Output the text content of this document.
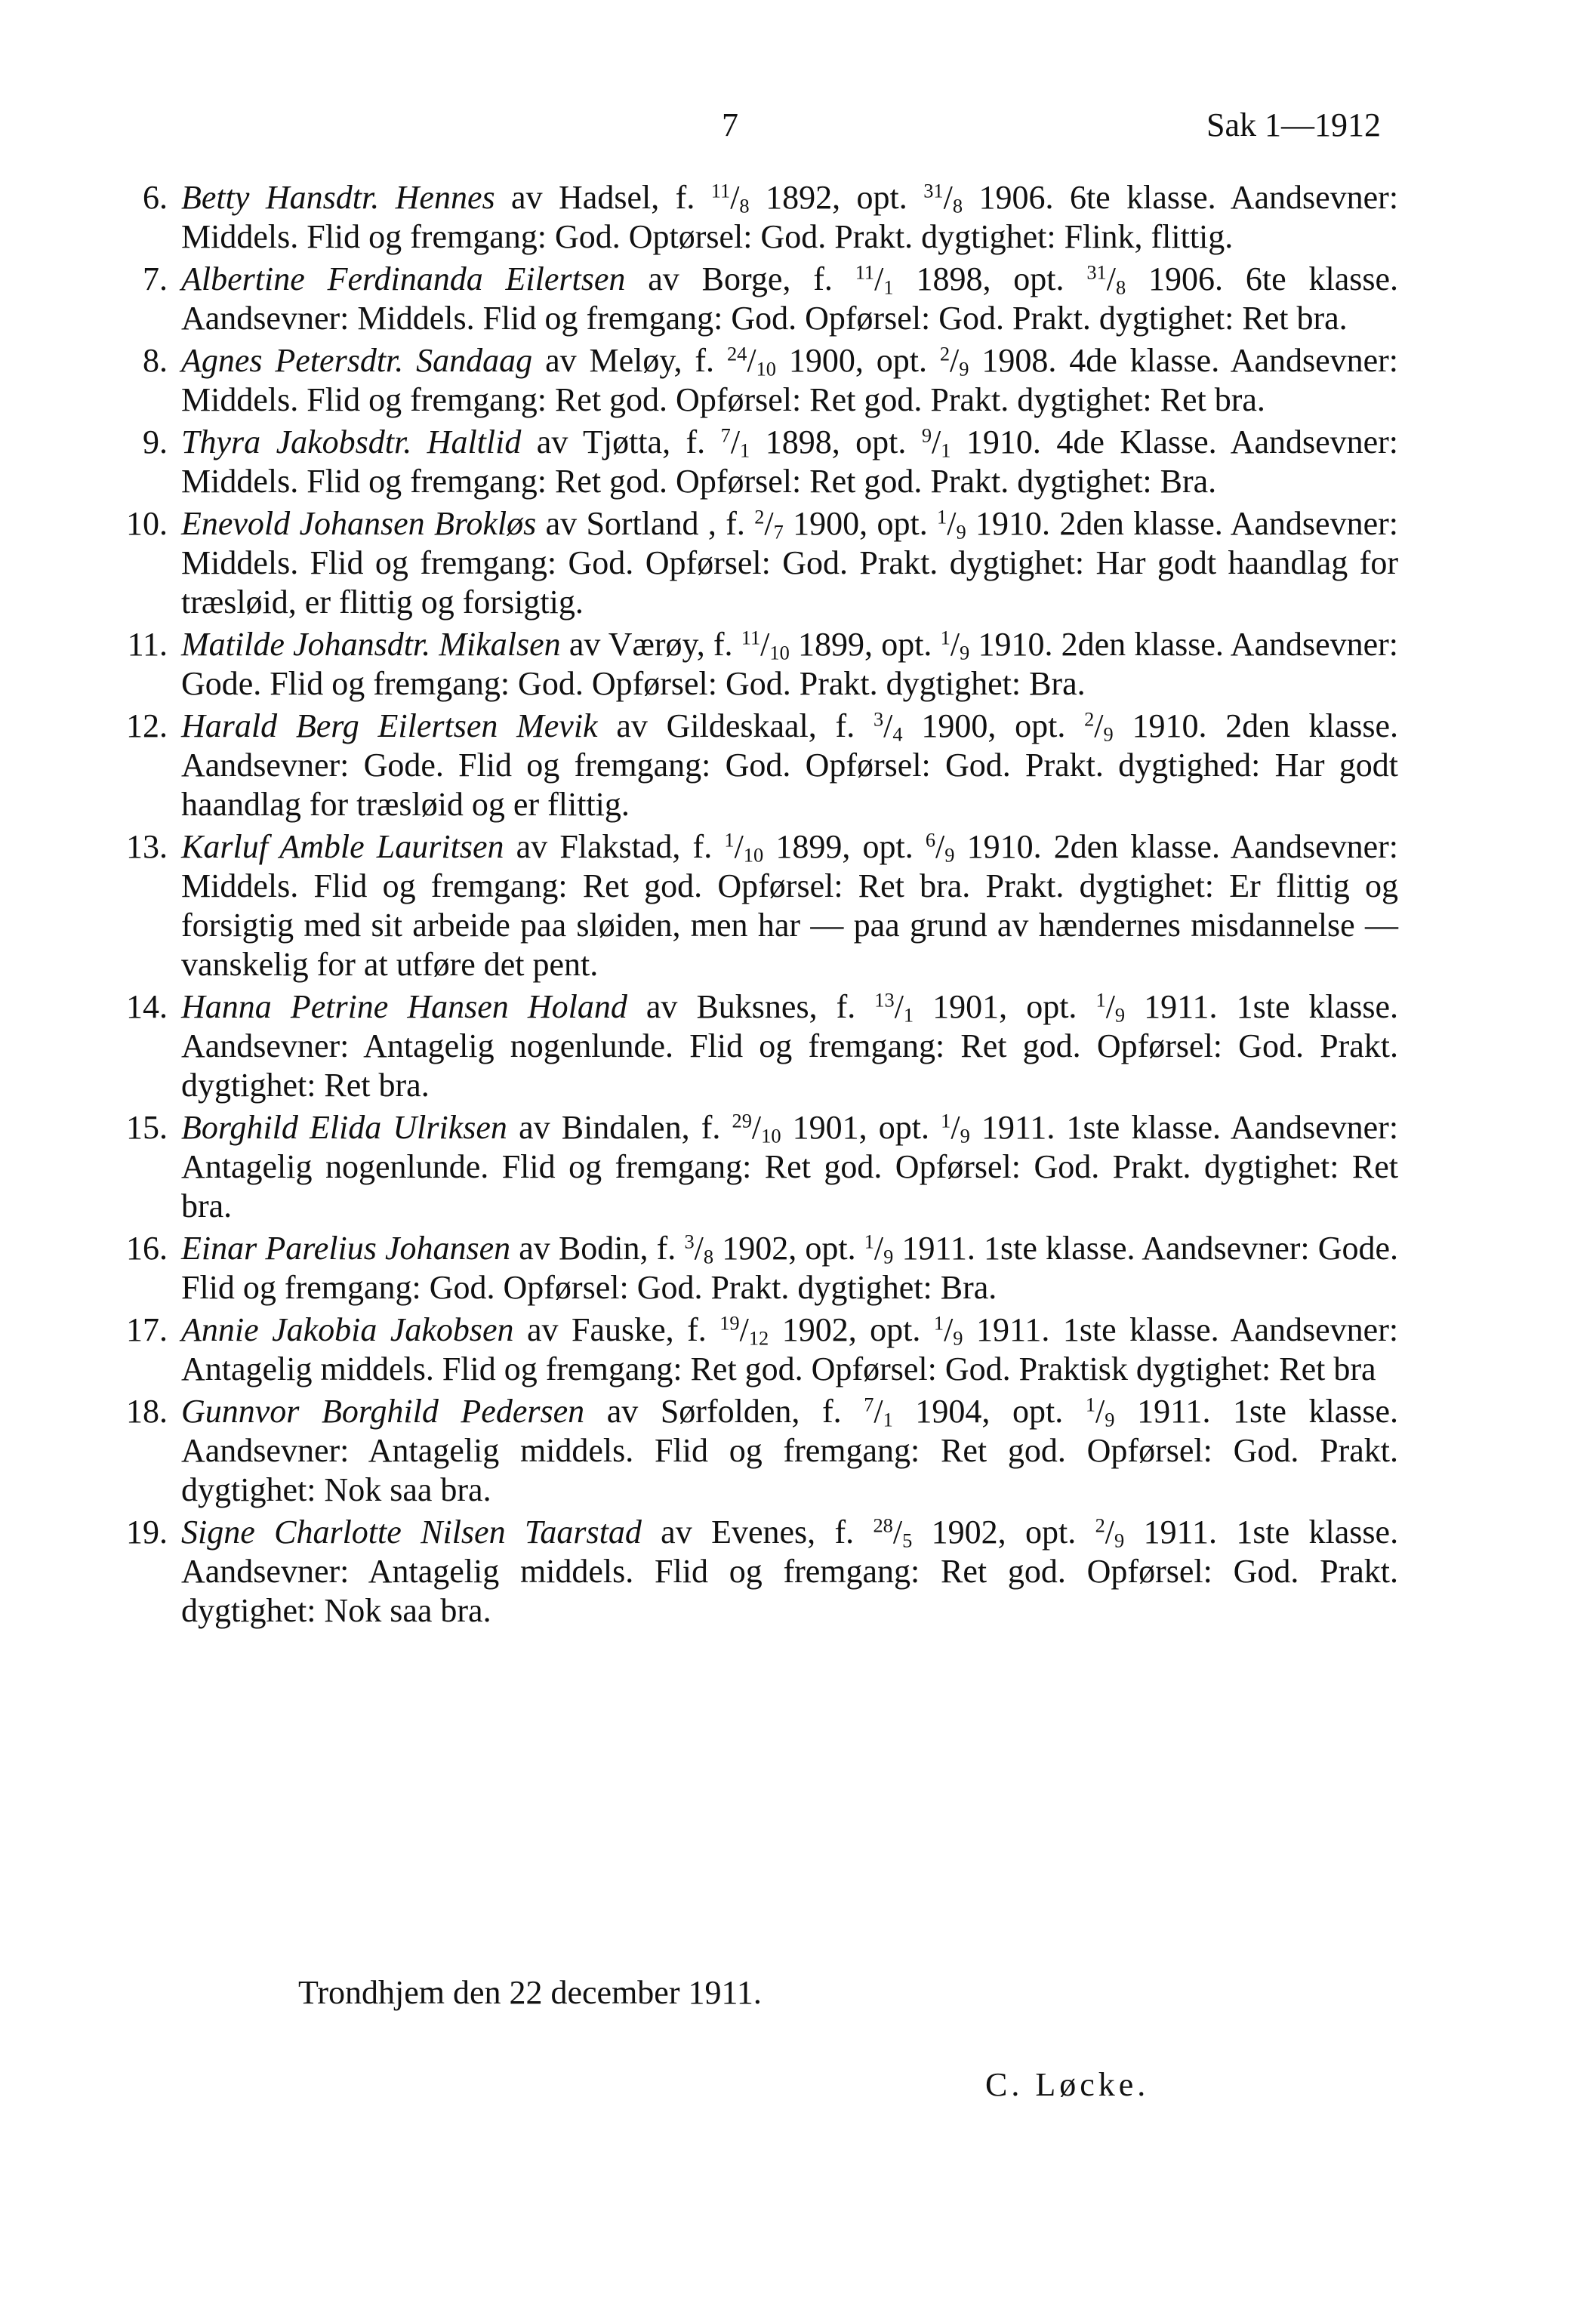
7	Sak 1—1912
6. Betty Hansdtr. Hennes av Hadsel, f. $^{11}/_8$ 1892, opt. $^{31}/_8$ 1906. 6te klasse. Aandsevner: Middels. Flid og fremgang: God. Optørsel: God. Prakt. dygtighet: Flink, flittig.
7. Albertine Ferdinanda Eilertsen av Borge, f. $^{11}/_1$ 1898, opt. $^{31}/_8$ 1906. 6te klasse. Aandsevner: Middels. Flid og fremgang: God. Opførsel: God. Prakt. dygtighet: Ret bra.
8. Agnes Petersdtr. Sandaag av Meløy, f. $^{24}/_{10}$ 1900, opt. $^2/_9$ 1908. 4de klasse. Aandsevner: Middels. Flid og fremgang: Ret god. Opførsel: Ret god. Prakt. dygtighet: Ret bra.
9. Thyra Jakobsdtr. Haltlid av Tjøtta, f. $^7/_1$ 1898, opt. $^9/_1$ 1910. 4de Klasse. Aandsevner: Middels. Flid og fremgang: Ret god. Opførsel: Ret god. Prakt. dygtighet: Bra.
10. Enevold Johansen Brokløs av Sortland , f. $^2/_7$ 1900, opt. $^1/_9$ 1910. 2den klasse. Aandsevner: Middels. Flid og fremgang: God. Opførsel: God. Prakt. dygtighet: Har godt haandlag for træsløid, er flittig og forsigtig.
11. Matilde Johansdtr. Mikalsen av Værøy, f. $^{11}/_{10}$ 1899, opt. $^1/_9$ 1910. 2den klasse. Aandsevner: Gode. Flid og fremgang: God. Opførsel: God. Prakt. dygtighet: Bra.
12. Harald Berg Eilertsen Mevik av Gildeskaal, f. $^3/_4$ 1900, opt. $^2/_9$ 1910. 2den klasse. Aandsevner: Gode. Flid og fremgang: God. Opførsel: God. Prakt. dygtighed: Har godt haandlag for træsløid og er flittig.
13. Karluf Amble Lauritsen av Flakstad, f. $^1/_{10}$ 1899, opt. $^6/_9$ 1910. 2den klasse. Aandsevner: Middels. Flid og fremgang: Ret god. Opførsel: Ret bra. Prakt. dygtighet: Er flittig og forsigtig med sit arbeide paa sløiden, men har — paa grund av hændernes misdannelse — vanskelig for at utføre det pent.
14. Hanna Petrine Hansen Holand av Buksnes, f. $^{13}/_1$ 1901, opt. $^1/_9$ 1911. 1ste klasse. Aandsevner: Antagelig nogenlunde. Flid og fremgang: Ret god. Opførsel: God. Prakt. dygtighet: Ret bra.
15. Borghild Elida Ulriksen av Bindalen, f. $^{29}/_{10}$ 1901, opt. $^1/_9$ 1911. 1ste klasse. Aandsevner: Antagelig nogenlunde. Flid og fremgang: Ret god. Opførsel: God. Prakt. dygtighet: Ret bra.
16. Einar Parelius Johansen av Bodin, f. $^3/_8$ 1902, opt. $^1/_9$ 1911. 1ste klasse. Aandsevner: Gode. Flid og fremgang: God. Opførsel: God. Prakt. dygtighet: Bra.
17. Annie Jakobia Jakobsen av Fauske, f. $^{19}/_{12}$ 1902, opt. $^1/_9$ 1911. 1ste klasse. Aandsevner: Antagelig middels. Flid og fremgang: Ret god. Opførsel: God. Praktisk dygtighet: Ret bra
18. Gunnvor Borghild Pedersen av Sørfolden, f. $^7/_1$ 1904, opt. $^1/_9$ 1911. 1ste klasse. Aandsevner: Antagelig middels. Flid og fremgang: Ret god. Opførsel: God. Prakt. dygtighet: Nok saa bra.
19. Signe Charlotte Nilsen Taarstad av Evenes, f. $^{28}/_5$ 1902, opt. $^2/_9$ 1911. 1ste klasse. Aandsevner: Antagelig middels. Flid og fremgang: Ret god. Opførsel: God. Prakt. dygtighet: Nok saa bra.
Trondhjem den 22 december 1911.
C. Løcke.
